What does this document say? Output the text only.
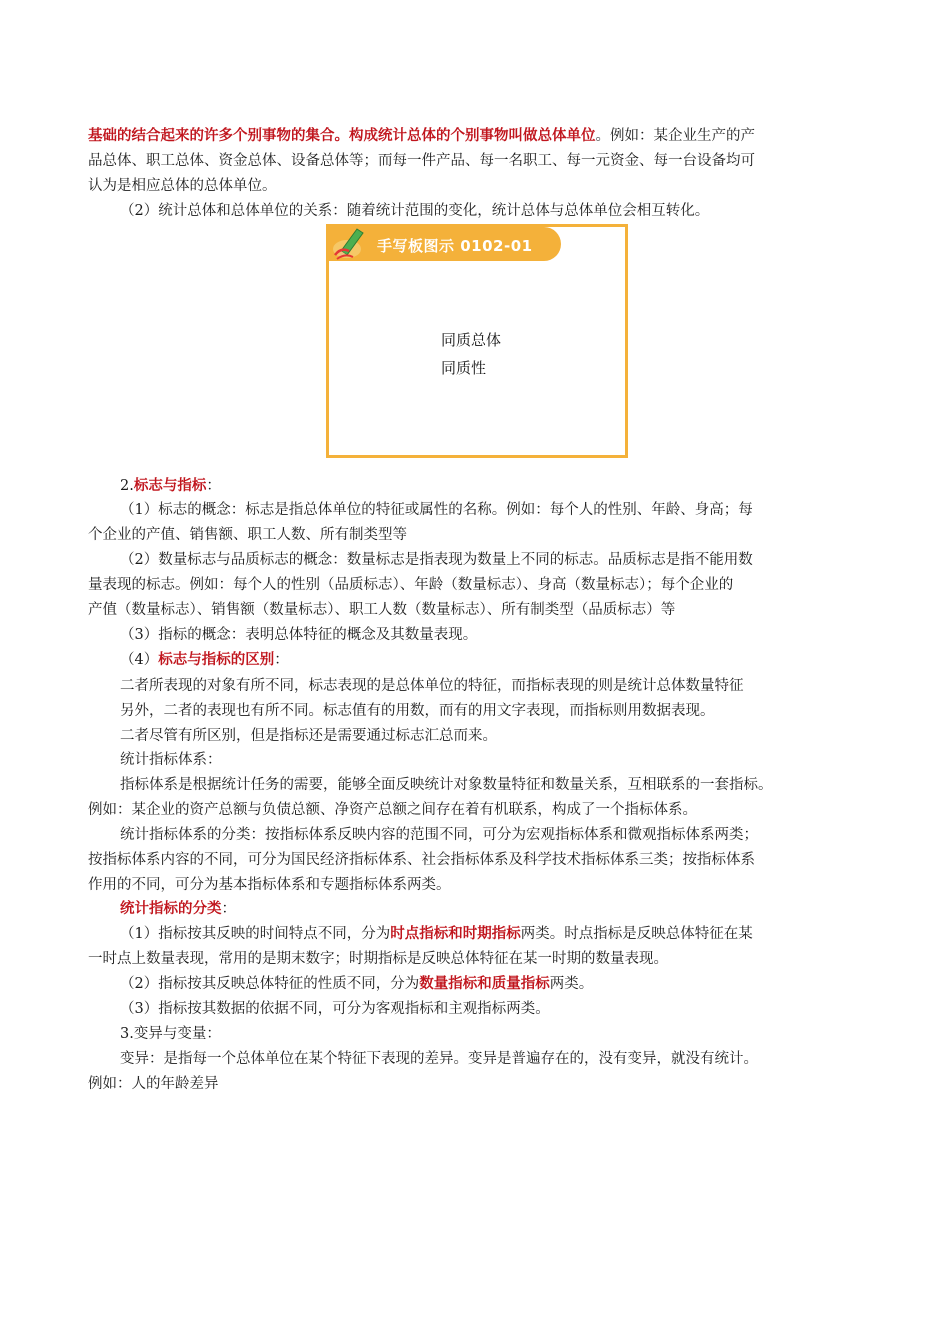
基础的结合起来的许多个别事物的集合。构成统计总体的个别事物叫做总体单位。例如：某企业生产的产
品总体、职工总体、资金总体、设备总体等；而每一件产品、每一名职工、每一元资金、每一台设备均可
认为是相应总体的总体单位。
（2）统计总体和总体单位的关系：随着统计范围的变化，统计总体与总体单位会相互转化。
手写板图示 0102-01
同质总体
同质性
2.标志与指标：
（1）标志的概念：标志是指总体单位的特征或属性的名称。例如：每个人的性别、年龄、身高；每
个企业的产值、销售额、职工人数、所有制类型等
（2）数量标志与品质标志的概念：数量标志是指表现为数量上不同的标志。品质标志是指不能用数
量表现的标志。例如：每个人的性别（品质标志）、年龄（数量标志）、身高（数量标志）；每个企业的
产值（数量标志）、销售额（数量标志）、职工人数（数量标志）、所有制类型（品质标志）等
（3）指标的概念：表明总体特征的概念及其数量表现。
（4）标志与指标的区别：
二者所表现的对象有所不同，标志表现的是总体单位的特征，而指标表现的则是统计总体数量特征
另外，二者的表现也有所不同。标志值有的用数，而有的用文字表现，而指标则用数据表现。
二者尽管有所区别，但是指标还是需要通过标志汇总而来。
统计指标体系：
指标体系是根据统计任务的需要，能够全面反映统计对象数量特征和数量关系，互相联系的一套指标。
例如：某企业的资产总额与负债总额、净资产总额之间存在着有机联系，构成了一个指标体系。
统计指标体系的分类：按指标体系反映内容的范围不同，可分为宏观指标体系和微观指标体系两类；
按指标体系内容的不同，可分为国民经济指标体系、社会指标体系及科学技术指标体系三类；按指标体系
作用的不同，可分为基本指标体系和专题指标体系两类。
统计指标的分类：
（1）指标按其反映的时间特点不同，分为时点指标和时期指标两类。时点指标是反映总体特征在某
一时点上数量表现，常用的是期末数字；时期指标是反映总体特征在某一时期的数量表现。
（2）指标按其反映总体特征的性质不同，分为数量指标和质量指标两类。
（3）指标按其数据的依据不同，可分为客观指标和主观指标两类。
3.变异与变量：
变异：是指每一个总体单位在某个特征下表现的差异。变异是普遍存在的，没有变异，就没有统计。
例如：人的年龄差异
